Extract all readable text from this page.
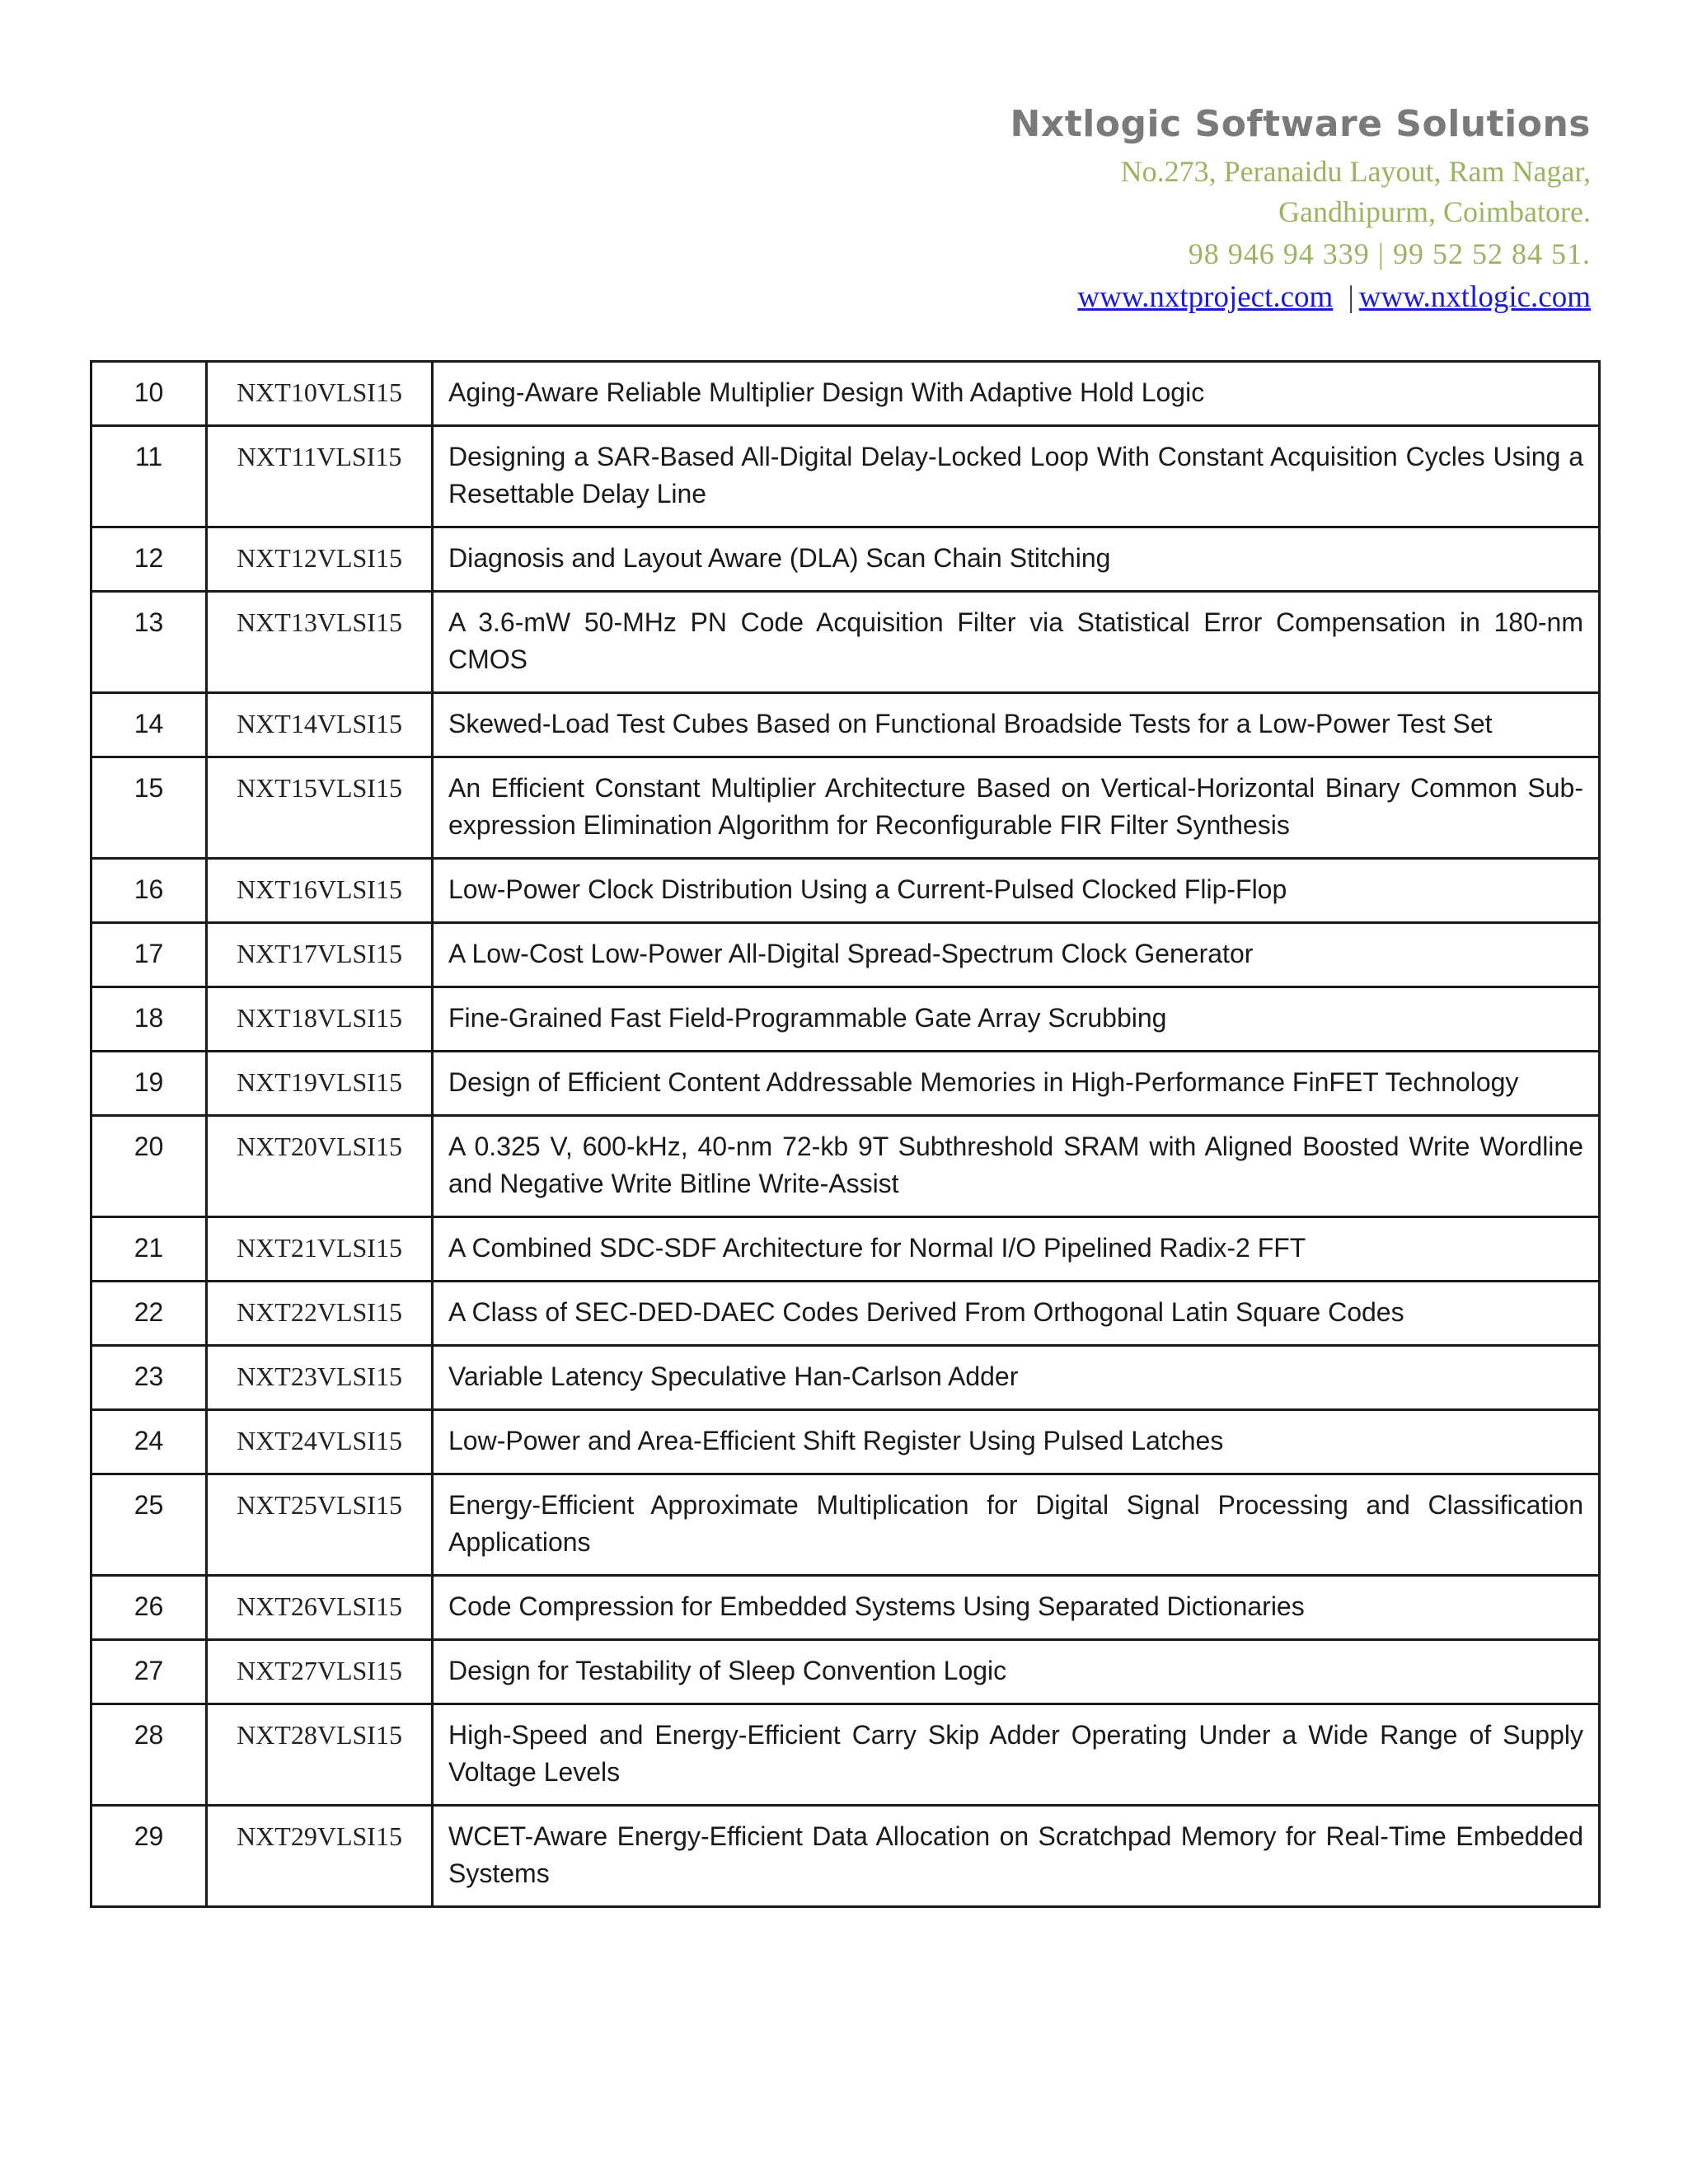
Nxtlogic Software Solutions

No.273, Peranaidu Layout, Ram Nagar,

Gandhipurm, Coimbatore.

98 946 94 339 | 99 52 52 84 51.

www.nxtproject.com | www.nxtlogic.com

10	NXT10VLSI15	Aging-Aware Reliable Multiplier Design With Adaptive Hold Logic
11	NXT11VLSI15	Designing a SAR-Based All-Digital Delay-Locked Loop With Constant Acquisition Cycles Using a Resettable Delay Line
12	NXT12VLSI15	Diagnosis and Layout Aware (DLA) Scan Chain Stitching
13	NXT13VLSI15	A 3.6-mW 50-MHz PN Code Acquisition Filter via Statistical Error Compensation in 180-nm CMOS
14	NXT14VLSI15	Skewed-Load Test Cubes Based on Functional Broadside Tests for a Low-Power Test Set
15	NXT15VLSI15	An Efficient Constant Multiplier Architecture Based on Vertical-Horizontal Binary Common Sub-expression Elimination Algorithm for Reconfigurable FIR Filter Synthesis
16	NXT16VLSI15	Low-Power Clock Distribution Using a Current-Pulsed Clocked Flip-Flop
17	NXT17VLSI15	A Low-Cost Low-Power All-Digital Spread-Spectrum Clock Generator
18	NXT18VLSI15	Fine-Grained Fast Field-Programmable Gate Array Scrubbing
19	NXT19VLSI15	Design of Efficient Content Addressable Memories in High-Performance FinFET Technology
20	NXT20VLSI15	A 0.325 V, 600-kHz, 40-nm 72-kb 9T Subthreshold SRAM with Aligned Boosted Write Wordline and Negative Write Bitline Write-Assist
21	NXT21VLSI15	A Combined SDC-SDF Architecture for Normal I/O Pipelined Radix-2 FFT
22	NXT22VLSI15	A Class of SEC-DED-DAEC Codes Derived From Orthogonal Latin Square Codes
23	NXT23VLSI15	Variable Latency Speculative Han-Carlson Adder
24	NXT24VLSI15	Low-Power and Area-Efficient Shift Register Using Pulsed Latches
25	NXT25VLSI15	Energy-Efficient Approximate Multiplication for Digital Signal Processing and Classification Applications
26	NXT26VLSI15	Code Compression for Embedded Systems Using Separated Dictionaries
27	NXT27VLSI15	Design for Testability of Sleep Convention Logic
28	NXT28VLSI15	High-Speed and Energy-Efficient Carry Skip Adder Operating Under a Wide Range of Supply Voltage Levels
29	NXT29VLSI15	WCET-Aware Energy-Efficient Data Allocation on Scratchpad Memory for Real-Time Embedded Systems
